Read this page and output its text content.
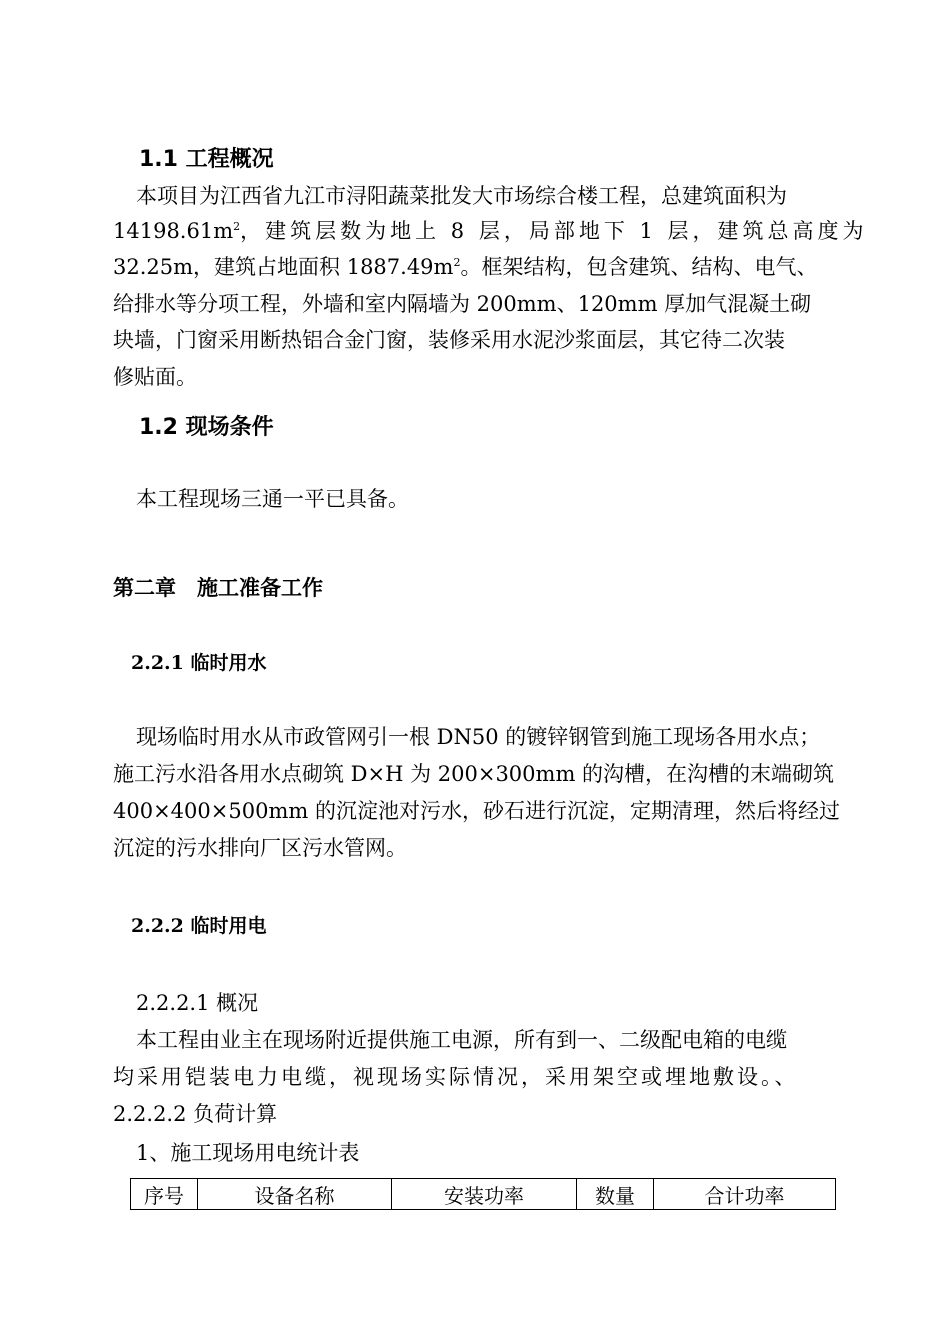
1.1 工程概况
本项目为江西省九江市浔阳蔬菜批发大市场综合楼工程，总建筑面积为
$14198.61m^2$，建筑层数为地上 8 层，局部地下 1 层，建筑总高度为
32.25m，建筑占地面积 $1887.49m^2$。框架结构，包含建筑、结构、电气、
给排水等分项工程，外墙和室内隔墙为 200mm、120mm 厚加气混凝土砌
块墙，门窗采用断热铝合金门窗，装修采用水泥沙浆面层，其它待二次装
修贴面。
1.2 现场条件
本工程现场三通一平已具备。
第二章　施工准备工作
2.2.1 临时用水
现场临时用水从市政管网引一根 DN50 的镀锌钢管到施工现场各用水点；
施工污水沿各用水点砌筑 D×H 为 200×300mm 的沟槽，在沟槽的末端砌筑
400×400×500mm 的沉淀池对污水，砂石进行沉淀，定期清理，然后将经过
沉淀的污水排向厂区污水管网。
2.2.2 临时用电
2.2.2.1 概况
本工程由业主在现场附近提供施工电源，所有到一、二级配电箱的电缆
均采用铠装电力电缆，视现场实际情况，采用架空或埋地敷设。、
2.2.2.2 负荷计算
1、施工现场用电统计表
序号	设备名称	安装功率	数量	合计功率
